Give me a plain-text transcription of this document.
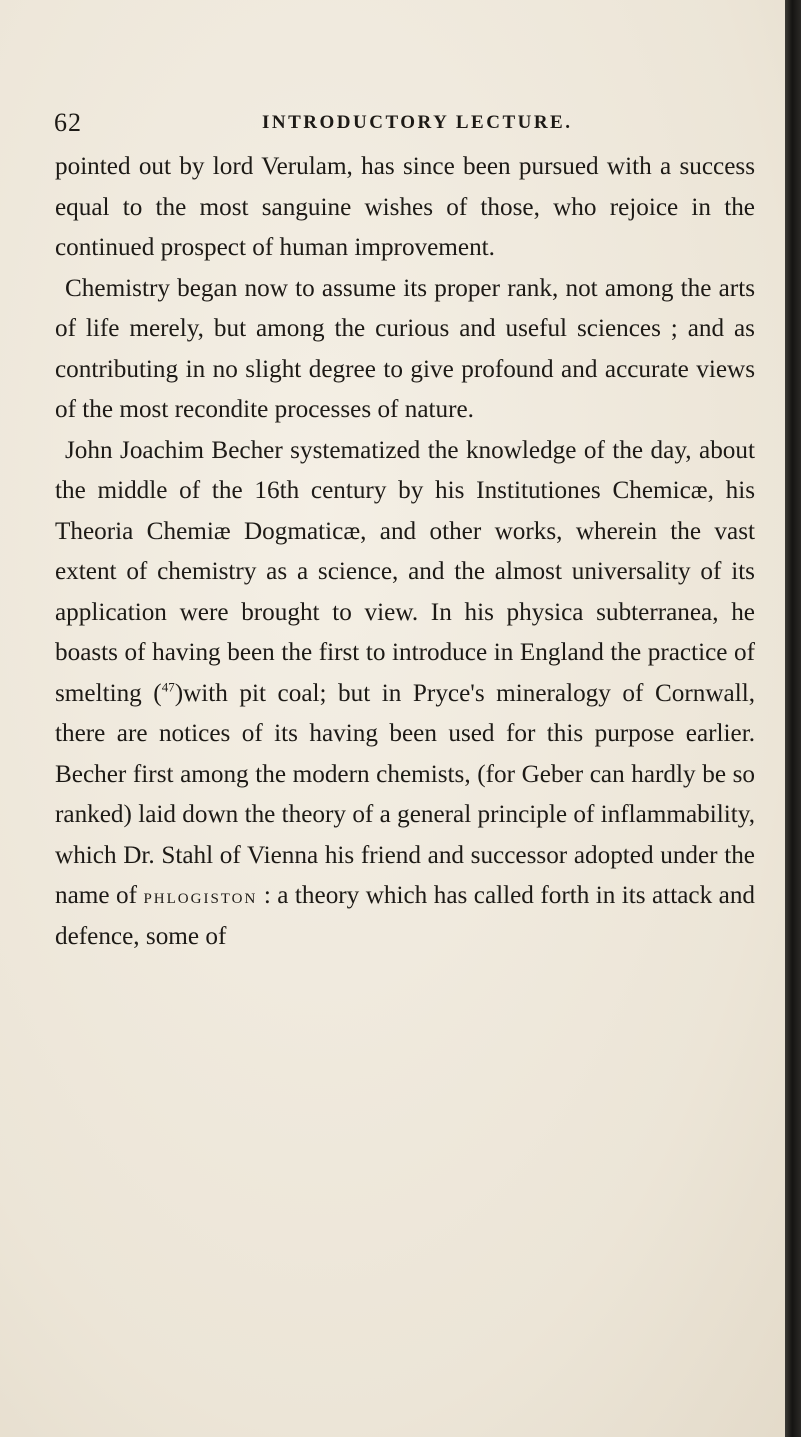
62	INTRODUCTORY LECTURE.

pointed out by lord Verulam, has since been pursued with a success equal to the most sanguine wishes of those, who rejoice in the continued prospect of human improvement.

Chemistry began now to assume its proper rank, not among the arts of life merely, but among the curious and useful sciences ; and as contributing in no slight degree to give profound and accurate views of the most recondite processes of nature.

John Joachim Becher systematized the knowledge of the day, about the middle of the 16th century by his Institutiones Chemicæ, his Theoria Chemiæ Dogmaticæ, and other works, wherein the vast extent of chemistry as a science, and the almost universality of its application were brought to view. In his physica subterranea, he boasts of having been the first to introduce in England the practice of smelting ($^{47}$)with pit coal; but in Pryce's mineralogy of Cornwall, there are notices of its having been used for this purpose earlier. Becher first among the modern chemists, (for Geber can hardly be so ranked) laid down the theory of a general principle of inflammability, which Dr. Stahl of Vienna his friend and successor adopted under the name of phlogiston : a theory which has called forth in its attack and defence, some of
